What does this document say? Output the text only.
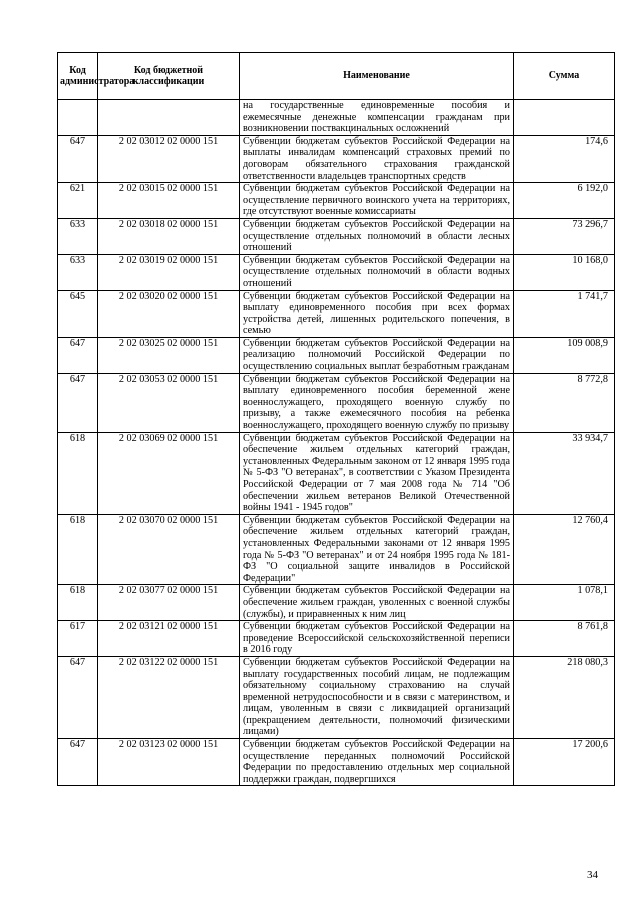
Код администратора	Код бюджетной классификации	Наименование	Сумма
		на государственные единовременные пособия и ежемесячные денежные компенсации гражданам при возникновении поствакцинальных осложнений	
647	2 02 03012 02 0000 151	Субвенции бюджетам субъектов Российской Федерации на выплаты инвалидам компенсаций страховых премий по договорам обязательного страхования гражданской ответственности владельцев транспортных средств	174,6
621	2 02 03015 02 0000 151	Субвенции бюджетам субъектов Российской Федерации на осуществление первичного воинского учета на территориях, где отсутствуют военные комиссариаты	6 192,0
633	2 02 03018 02 0000 151	Субвенции бюджетам субъектов Российской Федерации на осуществление отдельных полномочий в области лесных отношений	73 296,7
633	2 02 03019 02 0000 151	Субвенции бюджетам субъектов Российской Федерации на осуществление отдельных полномочий в области водных отношений	10 168,0
645	2 02 03020 02 0000 151	Субвенции бюджетам субъектов Российской Федерации на выплату единовременного пособия при всех формах устройства детей, лишенных родительского попечения, в семью	1 741,7
647	2 02 03025 02 0000 151	Субвенции бюджетам субъектов Российской Федерации на реализацию полномочий Российской Федерации по осуществлению социальных выплат безработным гражданам	109 008,9
647	2 02 03053 02 0000 151	Субвенции бюджетам субъектов Российской Федерации на выплату единовременного пособия беременной жене военнослужащего, проходящего военную службу по призыву, а также ежемесячного пособия на ребенка военнослужащего, проходящего военную службу по призыву	8 772,8
618	2 02 03069 02 0000 151	Субвенции бюджетам субъектов Российской Федерации на обеспечение жильем отдельных категорий граждан, установленных Федеральным законом от 12 января 1995 года № 5-ФЗ "О ветеранах", в соответствии с Указом Президента Российской Федерации от 7 мая 2008 года № 714 "Об обеспечении жильем ветеранов Великой Отечественной войны 1941 - 1945 годов"	33 934,7
618	2 02 03070 02 0000 151	Субвенции бюджетам субъектов Российской Федерации на обеспечение жильем отдельных категорий граждан, установленных Федеральными законами от 12 января 1995 года № 5-ФЗ "О ветеранах" и от 24 ноября 1995 года № 181-ФЗ "О социальной защите инвалидов в Российской Федерации"	12 760,4
618	2 02 03077 02 0000 151	Субвенции бюджетам субъектов Российской Федерации на обеспечение жильем граждан, уволенных с военной службы (службы), и приравненных к ним лиц	1 078,1
617	2 02 03121 02 0000 151	Субвенции бюджетам субъектов Российской Федерации на проведение Всероссийской сельскохозяйственной переписи в 2016 году	8 761,8
647	2 02 03122 02 0000 151	Субвенции бюджетам субъектов Российской Федерации на выплату государственных пособий лицам, не подлежащим обязательному социальному страхованию на случай временной нетрудоспособности и в связи с материнством, и лицам, уволенным в связи с ликвидацией организаций (прекращением деятельности, полномочий физическими лицами)	218 080,3
647	2 02 03123 02 0000 151	Субвенции бюджетам субъектов Российской Федерации на осуществление переданных полномочий Российской Федерации по предоставлению отдельных мер социальной поддержки граждан, подвергшихся	17 200,6
34
